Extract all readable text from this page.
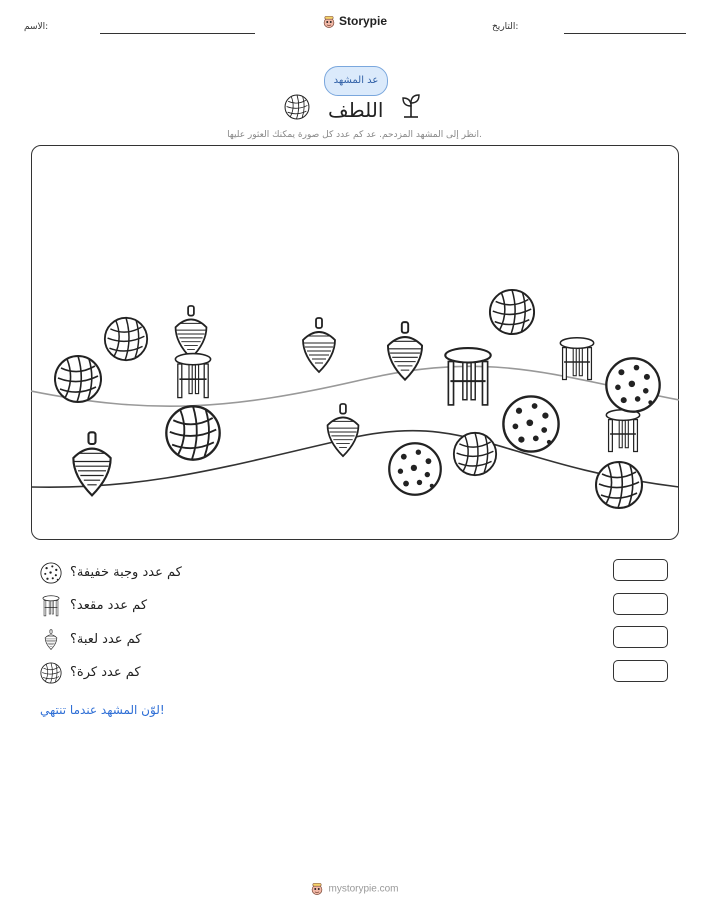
الاسم:	Storypie	التاريخ:
عد المشهد
اللطف
انظر إلى المشهد المزدحم. عد كم عدد كل صورة يمكنك العثور عليها.
كم عدد وجبة خفيفة؟
كم عدد مقعد؟
كم عدد لعبة؟
كم عدد كرة؟
لوّن المشهد عندما تنتهي!
mystorypie.com
